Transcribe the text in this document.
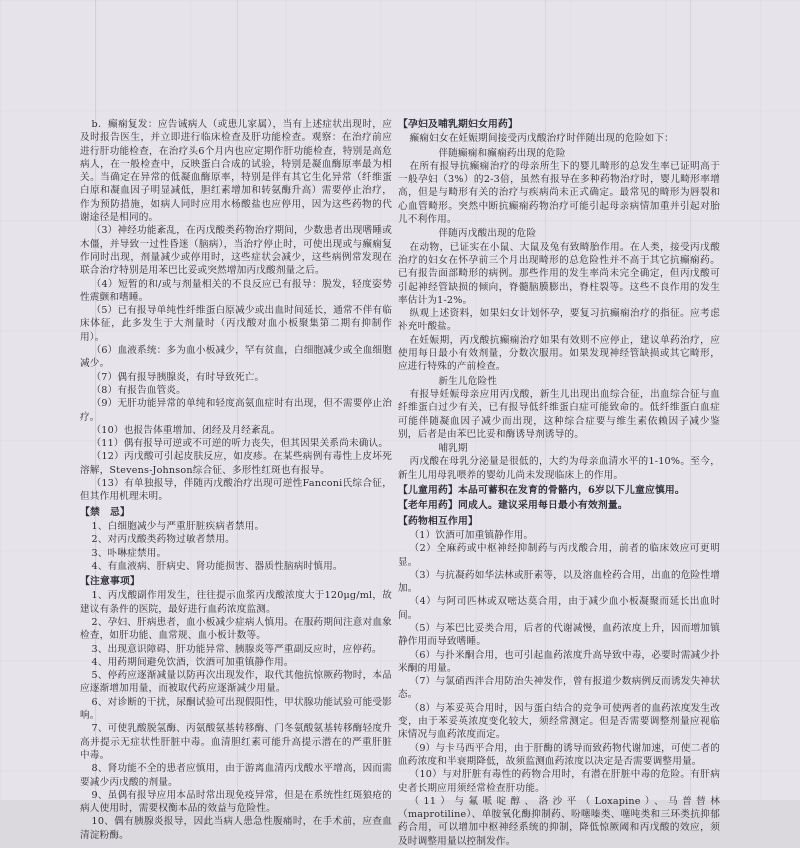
b．癫痫复发：应告诫病人（或患儿家属），当有上述症状出现时，应及时报告医生，并立即进行临床检查及肝功能检查。观察：在治疗前应进行肝功能检查，在治疗头6个月内也应定期作肝功能检查，特别是高危病人，在一般检查中，反映蛋白合成的试验，特别是凝血酶原率最为相关。当确定在异常的低凝血酶原率，特别是伴有其它生化异常（纤维蛋白原和凝血因子明显减低，胆红素增加和转氨酶升高）需要停止治疗，作为预防措施，如病人同时应用水杨酸盐也应停用，因为这些药物的代谢途径是相同的。
（3）神经功能紊乱，在丙戊酸类药物治疗期间，少数患者出现嗜睡或木僵，并导致一过性昏迷（脑病），当治疗停止时，可使出现或与癫痫复作同时出现，剂量减少或停用时，这些症状会减少，这些病例常发现在联合治疗特别是用苯巴比妥或突然增加丙戊酸剂量之后。
（4）短暂的和/或与剂量相关的不良反应已有报导：脱发，轻度姿势性震颤和嗜睡。
（5）已有报导单纯性纤维蛋白原减少或出血时间延长，通常不伴有临床体征，此多发生于大剂量时（丙戊酸对血小板聚集第二期有抑制作用）。
（6）血液系统：多为血小板减少，罕有贫血，白细胞减少或全血细胞减少。
（7）偶有报导胰腺炎，有时导致死亡。
（8）有报告血管炎。
（9）无肝功能异常的单纯和轻度高氨血症时有出现，但不需要停止治疗。
（10）也报告体重增加、闭经及月经紊乱。
（11）偶有报导可逆或不可逆的听力丧失，但其因果关系尚未确认。
（12）丙戊酸可引起皮肤反应，如皮疹。在某些病例有毒性上皮坏死溶解，Stevens-Johnson综合征、多形性红斑也有报导。
（13）有单独报导，伴随丙戊酸治疗出现可逆性Fanconi氏综合征，但其作用机理未明。
【禁　忌】
1、白细胞减少与严重肝脏疾病者禁用。
2、对丙戊酸类药物过敏者禁用。
3、卟啉症禁用。
4、有血液病、肝病史、肾功能损害、器质性脑病时慎用。
【注意事项】
1、丙戊酸副作用发生，往往提示血浆丙戊酸浓度大于120μg/ml，故建议有条件的医院，最好进行血药浓度监测。
2、孕妇、肝病患者，血小板减少症病人慎用。在服药期间注意对血象检查，如肝功能、血常规、血小板计数等。
3、出现意识障碍、肝功能异常、胰腺炎等严重副反应时，应停药。
4、用药期间避免饮酒，饮酒可加重镇静作用。
5、停药应逐渐减量以防再次出现发作，取代其他抗惊厥药物时，本品应逐渐增加用量，而被取代药应逐渐减少用量。
6、对诊断的干扰，尿酮试验可出现假阳性，甲状腺功能试验可能受影响。
7、可使乳酸脱氢酶、丙氨酸氨基转移酶、门冬氨酸氨基转移酶轻度升高并提示无症状性肝脏中毒。血清胆红素可能升高提示潜在的严重肝脏中毒。
8、肾功能不全的患者应慎用，由于游离血清丙戊酸水平增高，因而需要减少丙戊酸的剂量。
9、虽偶有报导应用本品时常出现免疫异常，但是在系统性红斑狼疮的病人使用时，需要权衡本品的效益与危险性。
10、偶有胰腺炎报导，因此当病人患急性腹痛时，在手术前，应查血清淀粉酶。
【孕妇及哺乳期妇女用药】
癫痫妇女在妊娠期间接受丙戊酸治疗时伴随出现的危险如下：
伴随癫痫和癫痫药出现的危险
在所有报导抗癫痫治疗的母亲所生下的婴儿畸形的总发生率已证明高于一般孕妇（3%）的2-3倍，虽然有报导在多种药物治疗时，婴儿畸形率增高，但是与畸形有关的治疗与疾病尚未正式确定。最常见的畸形为唇裂和心血管畸形。突然中断抗癫痫药物治疗可能引起母亲病情加重并引起对胎儿不利作用。
伴随丙戊酸出现的危险
在动物，已证实在小鼠、大鼠及兔有致畸胎作用。在人类，接受丙戊酸治疗的妇女在怀孕前三个月出现畸形的总危险性并不高于其它抗癫痫药。已有报告面部畸形的病例。那些作用的发生率尚未完全确定，但丙戊酸可引起神经管缺损的倾向，脊髓脑膜膨出，脊柱裂等。这些不良作用的发生率估计为1-2%。
纵观上述资料，如果妇女计划怀孕，要复习抗癫痫治疗的指征。应考虑补充叶酸盐。
在妊娠期，丙戊酸抗癫痫治疗如果有效则不应停止，建议单药治疗，应使用每日最小有效剂量，分数次服用。如果发现神经管缺损或其它畸形，应进行特殊的产前检查。
新生儿危险性
有报导妊娠母亲应用丙戊酸，新生儿出现出血综合征，出血综合征与血纤维蛋白过少有关，已有报导低纤维蛋白症可能致命的。低纤维蛋白血症可能伴随凝血因子减少而出现，这种综合症要与维生素依赖因子减少鉴别，后者是由苯巴比妥和酶诱导剂诱导的。
哺乳期
丙戊酸在母乳分泌量是很低的，大约为母亲血清水平的1-10%。至今，新生儿用母乳喂养的婴幼儿尚未发现临床上的作用。
【儿童用药】本品可蓄积在发育的骨骼内，6岁以下儿童应慎用。
【老年用药】同成人。建议采用每日最小有效剂量。
【药物相互作用】
（1）饮酒可加重镇静作用。
（2）全麻药或中枢神经抑制药与丙戊酸合用，前者的临床效应可更明显。
（3）与抗凝药如华法林或肝素等，以及溶血栓药合用，出血的危险性增加。
（4）与阿司匹林或双嘧达莫合用，由于减少血小板凝聚而延长出血时间。
（5）与苯巴比妥类合用，后者的代谢减慢，血药浓度上升，因而增加镇静作用而导致嗜睡。
（6）与扑米酮合用，也可引起血药浓度升高导致中毒，必要时需减少扑米酮的用量。
（7）与氯硝西泮合用防治失神发作，曾有报道少数病例反而诱发失神状态。
（8）与苯妥英合用时，因与蛋白结合的竞争可使两者的血药浓度发生改变，由于苯妥英浓度变化较大，须经常测定。但是否需要调整剂量应视临床情况与血药浓度而定。
（9）与卡马西平合用，由于肝酶的诱导而致药物代谢加速，可使二者的血药浓度和半衰期降低，故须监测血药浓度以决定是否需要调整用量。
（10）与对肝脏有毒性的药物合用时，有潜在肝脏中毒的危险。有肝病史者长期应用须经常检查肝功能。
（11）与氟哌啶醇、洛沙平（Loxapine）、马普替林（maprotiline）、单胺氧化酶抑制药、吩噻嗪类、噻吨类和三环类抗抑郁药合用，可以增加中枢神经系统的抑制，降低惊厥阈和丙戊酸的效应，须及时调整用量以控制发作。
